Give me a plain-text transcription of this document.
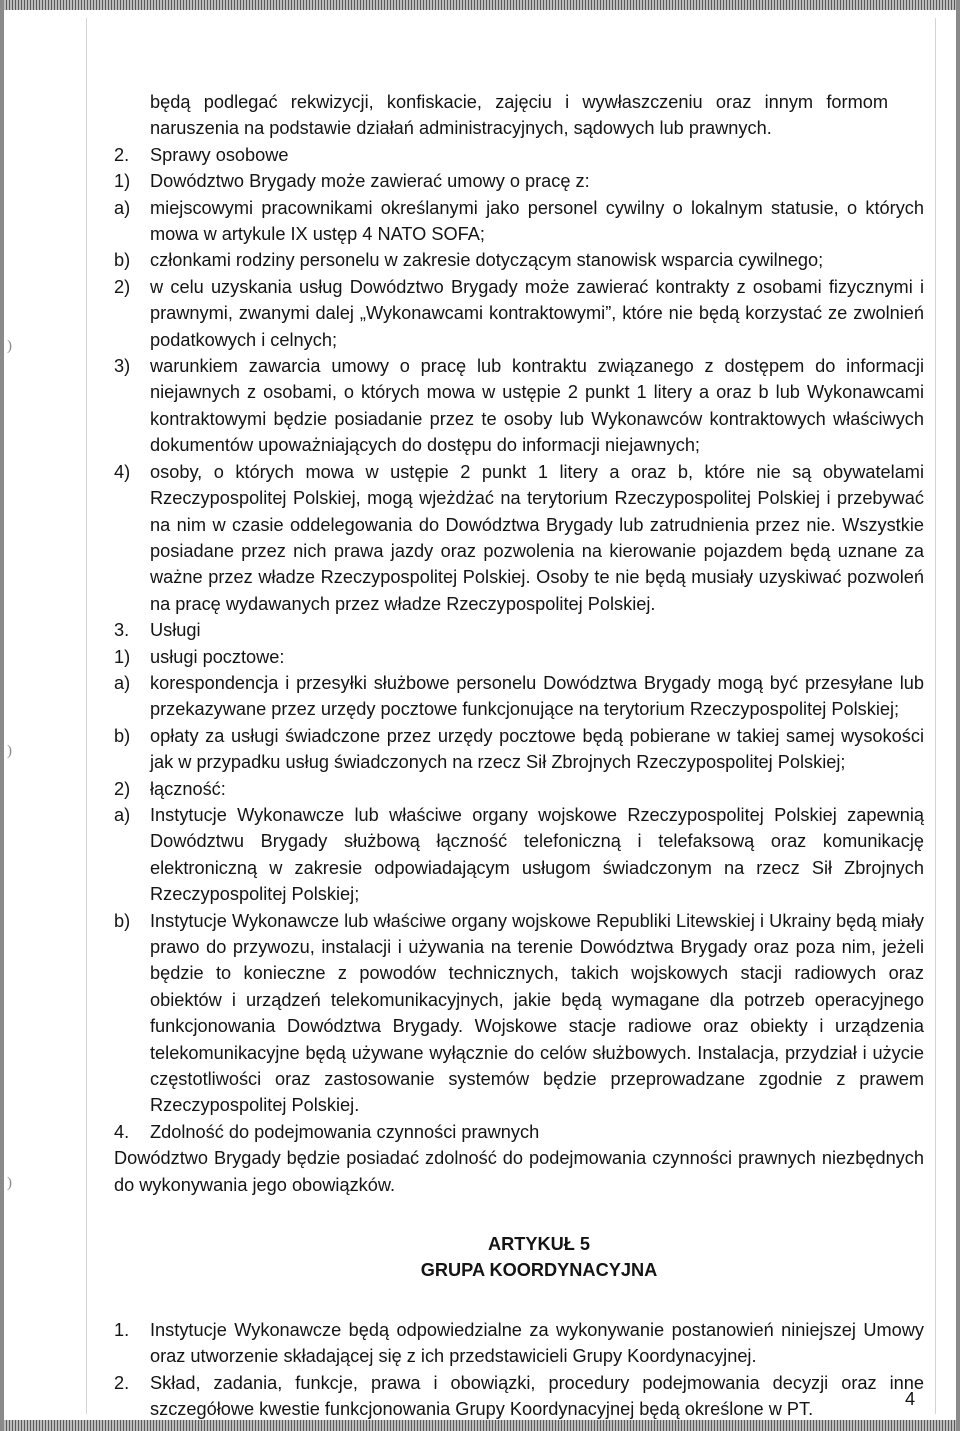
)
)
)
będą podlegać rekwizycji, konfiskacie, zajęciu i wywłaszczeniu oraz innym formom naruszenia na podstawie działań administracyjnych, sądowych lub prawnych.
2.	Sprawy osobowe
1)	Dowództwo Brygady może zawierać umowy o pracę z:
a)	miejscowymi pracownikami określanymi jako personel cywilny o lokalnym statusie, o których mowa w artykule IX ustęp 4 NATO SOFA;
b)	członkami rodziny personelu w zakresie dotyczącym stanowisk wsparcia cywilnego;
2)	w celu uzyskania usług Dowództwo Brygady może zawierać kontrakty z osobami fizycznymi i prawnymi, zwanymi dalej „Wykonawcami kontraktowymi”, które nie będą korzystać ze zwolnień podatkowych i celnych;
3)	warunkiem zawarcia umowy o pracę lub kontraktu związanego z dostępem do informacji niejawnych z osobami, o których mowa w ustępie 2 punkt 1 litery a oraz b lub Wykonawcami kontraktowymi będzie posiadanie przez te osoby lub Wykonawców kontraktowych właściwych dokumentów upoważniających do dostępu do informacji niejawnych;
4)	osoby, o których mowa w ustępie 2 punkt 1 litery a oraz b, które nie są obywatelami Rzeczypospolitej Polskiej, mogą wjeżdżać na terytorium Rzeczypospolitej Polskiej i przebywać na nim w czasie oddelegowania do Dowództwa Brygady lub zatrudnienia przez nie. Wszystkie posiadane przez nich prawa jazdy oraz pozwolenia na kierowanie pojazdem będą uznane za ważne przez władze Rzeczypospolitej Polskiej. Osoby te nie będą musiały uzyskiwać pozwoleń na pracę wydawanych przez władze Rzeczypospolitej Polskiej.
3.	Usługi
1)	usługi pocztowe:
a)	korespondencja i przesyłki służbowe personelu Dowództwa Brygady mogą być przesyłane lub przekazywane przez urzędy pocztowe funkcjonujące na terytorium Rzeczypospolitej Polskiej;
b)	opłaty za usługi świadczone przez urzędy pocztowe będą pobierane w takiej samej wysokości jak w przypadku usług świadczonych na rzecz Sił Zbrojnych Rzeczypospolitej Polskiej;
2)	łączność:
a)	Instytucje Wykonawcze lub właściwe organy wojskowe Rzeczypospolitej Polskiej zapewnią Dowództwu Brygady służbową łączność telefoniczną i telefaksową oraz komunikację elektroniczną w zakresie odpowiadającym usługom świadczonym na rzecz Sił Zbrojnych Rzeczypospolitej Polskiej;
b)	Instytucje Wykonawcze lub właściwe organy wojskowe Republiki Litewskiej i Ukrainy będą miały prawo do przywozu, instalacji i używania na terenie Dowództwa Brygady oraz poza nim, jeżeli będzie to konieczne z powodów technicznych, takich wojskowych stacji radiowych oraz obiektów i urządzeń telekomunikacyjnych, jakie będą wymagane dla potrzeb operacyjnego funkcjonowania Dowództwa Brygady. Wojskowe stacje radiowe oraz obiekty i urządzenia telekomunikacyjne będą używane wyłącznie do celów służbowych. Instalacja, przydział i użycie częstotliwości oraz zastosowanie systemów będzie przeprowadzane zgodnie z prawem Rzeczypospolitej Polskiej.
4.	Zdolność do podejmowania czynności prawnych
Dowództwo Brygady będzie posiadać zdolność do podejmowania czynności prawnych niezbędnych do wykonywania jego obowiązków.
ARTYKUŁ 5
GRUPA KOORDYNACYJNA
1.	Instytucje Wykonawcze będą odpowiedzialne za wykonywanie postanowień niniejszej Umowy oraz utworzenie składającej się z ich przedstawicieli Grupy Koordynacyjnej.
2.	Skład, zadania, funkcje, prawa i obowiązki, procedury podejmowania decyzji oraz inne szczegółowe kwestie funkcjonowania Grupy Koordynacyjnej będą określone w PT.
4
